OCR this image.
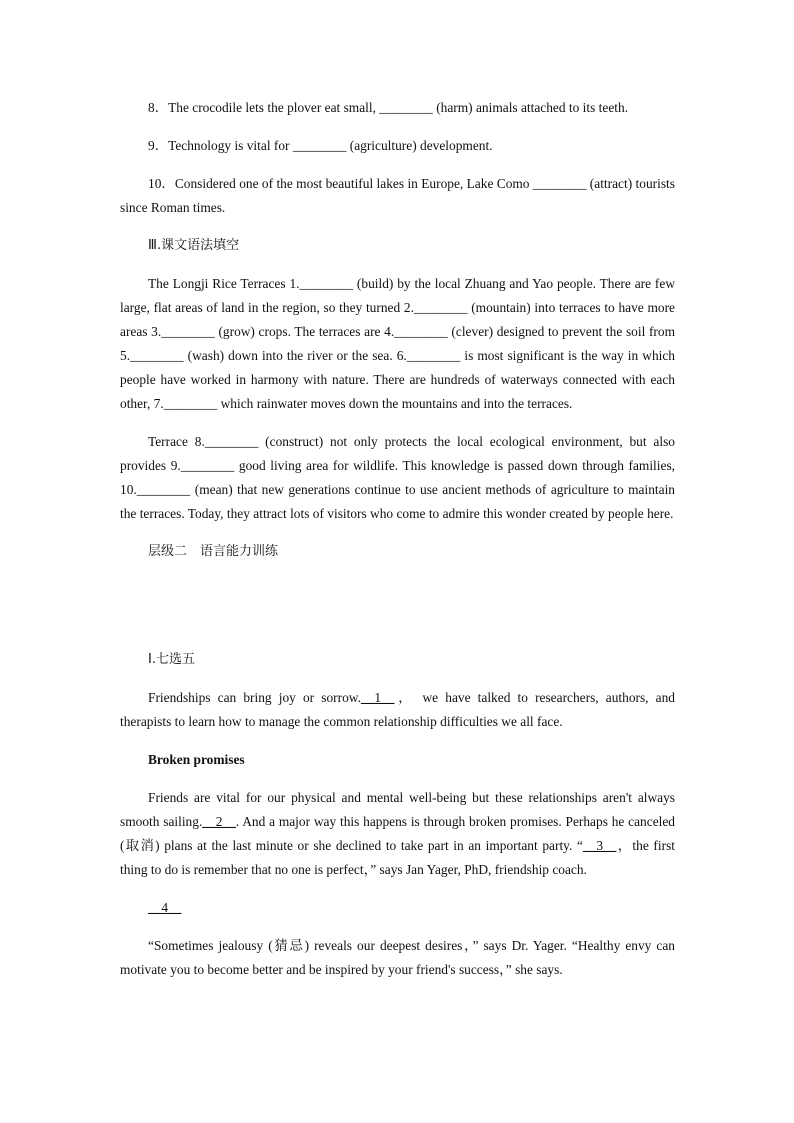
8．The crocodile lets the plover eat small, ________ (harm) animals attached to its teeth.

9．Technology is vital for ________ (agriculture) development.

10．Considered one of the most beautiful lakes in Europe, Lake Como ________ (attract) tourists since Roman times.

Ⅲ.课文语法填空

The Longji Rice Terraces 1.________ (build) by the local Zhuang and Yao people. There are few large, flat areas of land in the region, so they turned 2.________ (mountain) into terraces to have more areas 3.________ (grow) crops. The terraces are 4.________ (clever) designed to prevent the soil from 5.________ (wash) down into the river or the sea. 6.________ is most significant is the way in which people have worked in harmony with nature. There are hundreds of waterways connected with each other, 7.________ which rainwater moves down the mountains and into the terraces.

Terrace 8.________ (construct) not only protects the local ecological environment, but also provides 9.________ good living area for wildlife. This knowledge is passed down through families, 10.________ (mean) that new generations continue to use ancient methods of agriculture to maintain the terraces. Today, they attract lots of visitors who come to admire this wonder created by people here.

层级二　语言能力训练

Ⅰ.七选五

Friendships can bring joy or sorrow.__1__， we have talked to researchers, authors, and therapists to learn how to manage the common relationship difficulties we all face.

Broken promises

Friends are vital for our physical and mental well-being but these relationships aren't always smooth sailing.__2__. And a major way this happens is through broken promises. Perhaps he canceled (取消) plans at the last minute or she declined to take part in an important party. “__3__，the first thing to do is remember that no one is perfect，” says Jan Yager, PhD, friendship coach.

__4__

“Sometimes jealousy (猜忌) reveals our deepest desires，” says Dr. Yager. “Healthy envy can motivate you to become better and be inspired by your friend's success，” she says.
